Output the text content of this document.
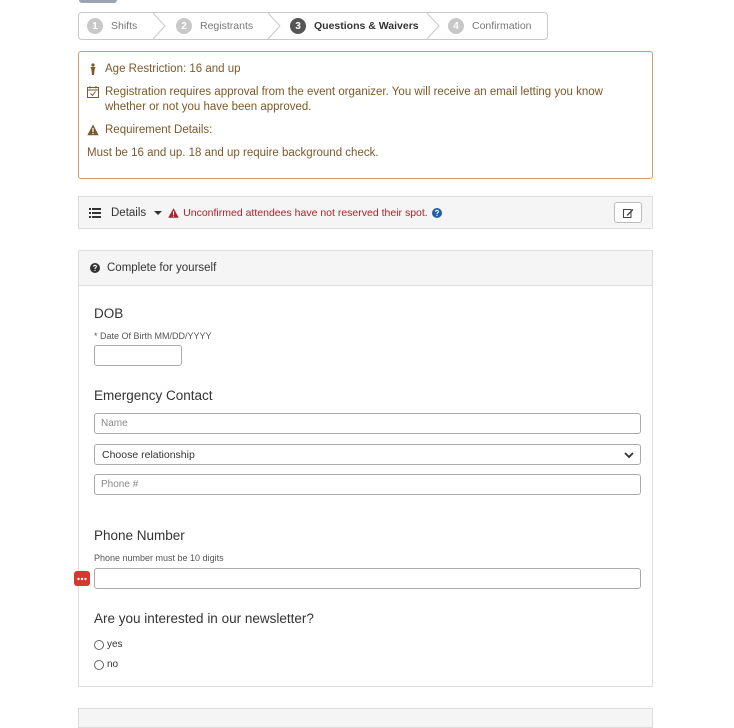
1	Shifts	2	Registrants	3	Questions & Waivers	4	Confirmation
Age Restriction: 16 and up
Registration requires approval from the event organizer. You will receive an email letting you know whether or not you have been approved.
Requirement Details:
Must be 16 and up. 18 and up require background check.
Details	Unconfirmed attendees have not reserved their spot.
Complete for yourself
DOB
* Date Of Birth MM/DD/YYYY
Emergency Contact
Name
Choose relationship
Phone #
Phone Number
Phone number must be 10 digits
Are you interested in our newsletter?
yes
no
